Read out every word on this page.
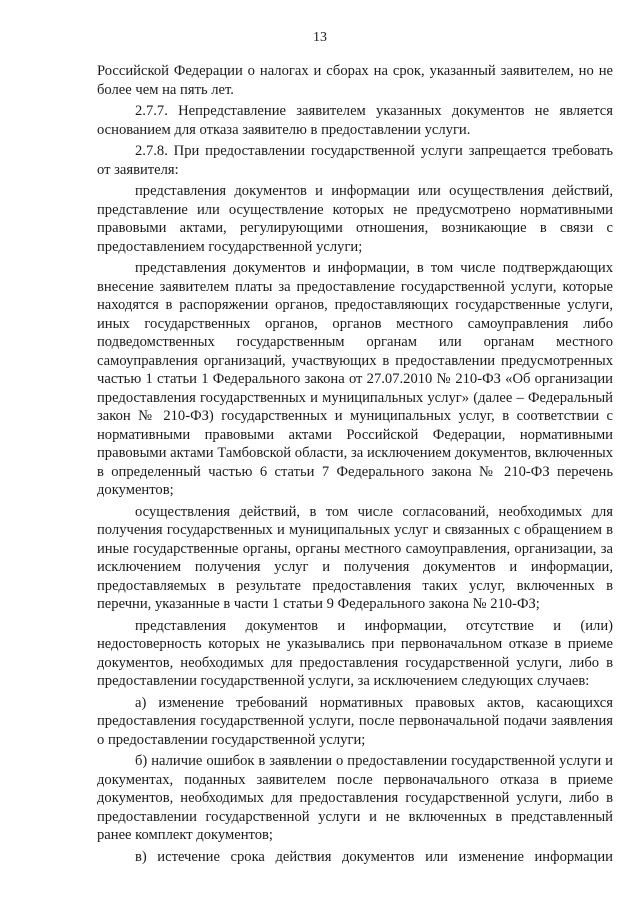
13

Российской Федерации о налогах и сборах на срок, указанный заявителем, но не более чем на пять лет.

2.7.7. Непредставление заявителем указанных документов не является основанием для отказа заявителю в предоставлении услуги.

2.7.8. При предоставлении государственной услуги запрещается требовать от заявителя:

представления документов и информации или осуществления действий, представление или осуществление которых не предусмотрено нормативными правовыми актами, регулирующими отношения, возникающие в связи с предоставлением государственной услуги;

представления документов и информации, в том числе подтверждающих внесение заявителем платы за предоставление государственной услуги, которые находятся в распоряжении органов, предоставляющих государственные услуги, иных государственных органов, органов местного самоуправления либо подведомственных государственным органам или органам местного самоуправления организаций, участвующих в предоставлении предусмотренных частью 1 статьи 1 Федерального закона от 27.07.2010 № 210-ФЗ «Об организации предоставления государственных и муниципальных услуг» (далее – Федеральный закон № 210-ФЗ) государственных и муниципальных услуг, в соответствии с нормативными правовыми актами Российской Федерации, нормативными правовыми актами Тамбовской области, за исключением документов, включенных в определенный частью 6 статьи 7 Федерального закона № 210-ФЗ перечень документов;

осуществления действий, в том числе согласований, необходимых для получения государственных и муниципальных услуг и связанных с обращением в иные государственные органы, органы местного самоуправления, организации, за исключением получения услуг и получения документов и информации, предоставляемых в результате предоставления таких услуг, включенных в перечни, указанные в части 1 статьи 9 Федерального закона № 210-ФЗ;

представления документов и информации, отсутствие и (или) недостоверность которых не указывались при первоначальном отказе в приеме документов, необходимых для предоставления государственной услуги, либо в предоставлении государственной услуги, за исключением следующих случаев:

а) изменение требований нормативных правовых актов, касающихся предоставления государственной услуги, после первоначальной подачи заявления о предоставлении государственной услуги;

б) наличие ошибок в заявлении о предоставлении государственной услуги и документах, поданных заявителем после первоначального отказа в приеме документов, необходимых для предоставления государственной услуги, либо в предоставлении государственной услуги и не включенных в представленный ранее комплект документов;

в) истечение срока действия документов или изменение информации
